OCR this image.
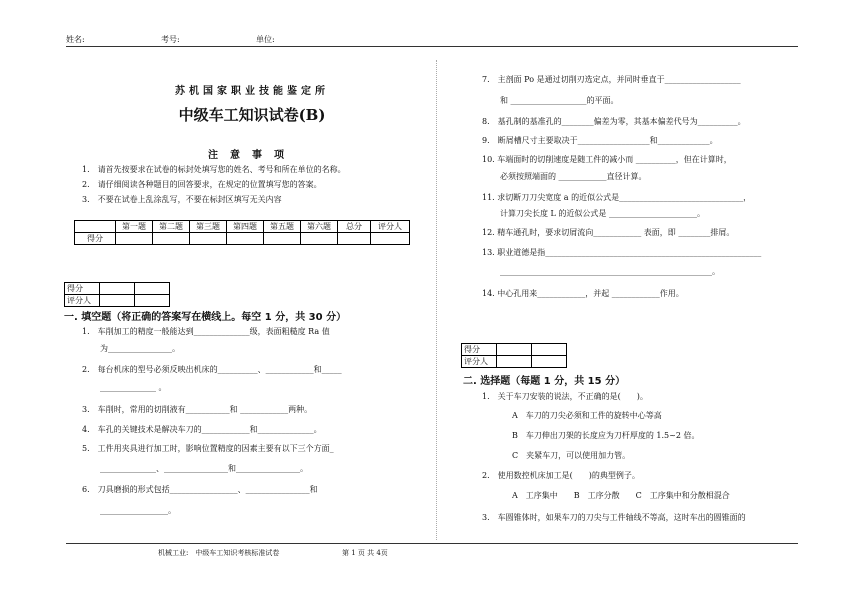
姓名:	考号:	单位:
苏机国家职业技能鉴定所
中级车工知识试卷(B)
注意事项
1.　请首先按要求在试卷的标封处填写您的姓名、考号和所在单位的名称。
2.　请仔细阅读各种题目的回答要求，在规定的位置填写您的答案。
3.　不要在试卷上乱涂乱写，不要在标封区填写无关内容
	第一题	第二题	第三题	第四题	第五题	第六题	总分	评分人
得分								
得分		
评分人		
一. 填空题（将正确的答案写在横线上。每空 1 分，共 30 分）
1.　车削加工的精度一般能达到______________级，表面粗糙度 Ra 值
为________________。
2.　每台机床的型号必须反映出机床的__________、____________和_____
______________ 。
3.　车削时，常用的切削液有___________和 ____________两种。
4.　车孔的关键技术是解决车刀的____________和______________。
5.　工件用夹具进行加工时，影响位置精度的因素主要有以下三个方面_
______________、________________和________________。
6.　刀具磨损的形式包括_________________、________________和
_________________。
7.　主剖面 Po 是通过切削刃选定点，并同时垂直于___________________
和 ___________________的平面。
8.　基孔制的基准孔的________偏差为零，其基本偏差代号为__________。
9.　断屑槽尺寸主要取决于__________________和_____________。
10. 车端面时的切削速度是随工件的减小而 __________，但在计算时，
必须按照端面的 ____________直径计算。
11. 求切断刀刀尖宽度 a 的近似公式是_______________________________，
计算刀尖长度 L 的近似公式是 ______________________。
12. 精车通孔时，要求切屑流向____________ 表面，即 ________排屑。
13. 职业道德是指______________________________________________________
_____________________________________________________。
14. 中心孔用来____________，并起 ____________作用。
得分		
评分人		
二. 选择题（每题 1 分，共 15 分）
1.　关于车刀安装的说法，不正确的是(　　)。
A　车刀的刀尖必须和工件的旋转中心等高
B　车刀伸出刀架的长度应为刀杆厚度的 1.5~2 倍。
C　夹紧车刀，可以使用加力管。
2.　使用数控机床加工是(　　)的典型例子。
A　工序集中　　B　工序分散　　C　工序集中和分散相混合
3.　车圆锥体时，如果车刀的刀尖与工件轴线不等高，这时车出的圆锥面的
机械工业:　中级车工知识考核标准试卷	第 1 页 共 4页
